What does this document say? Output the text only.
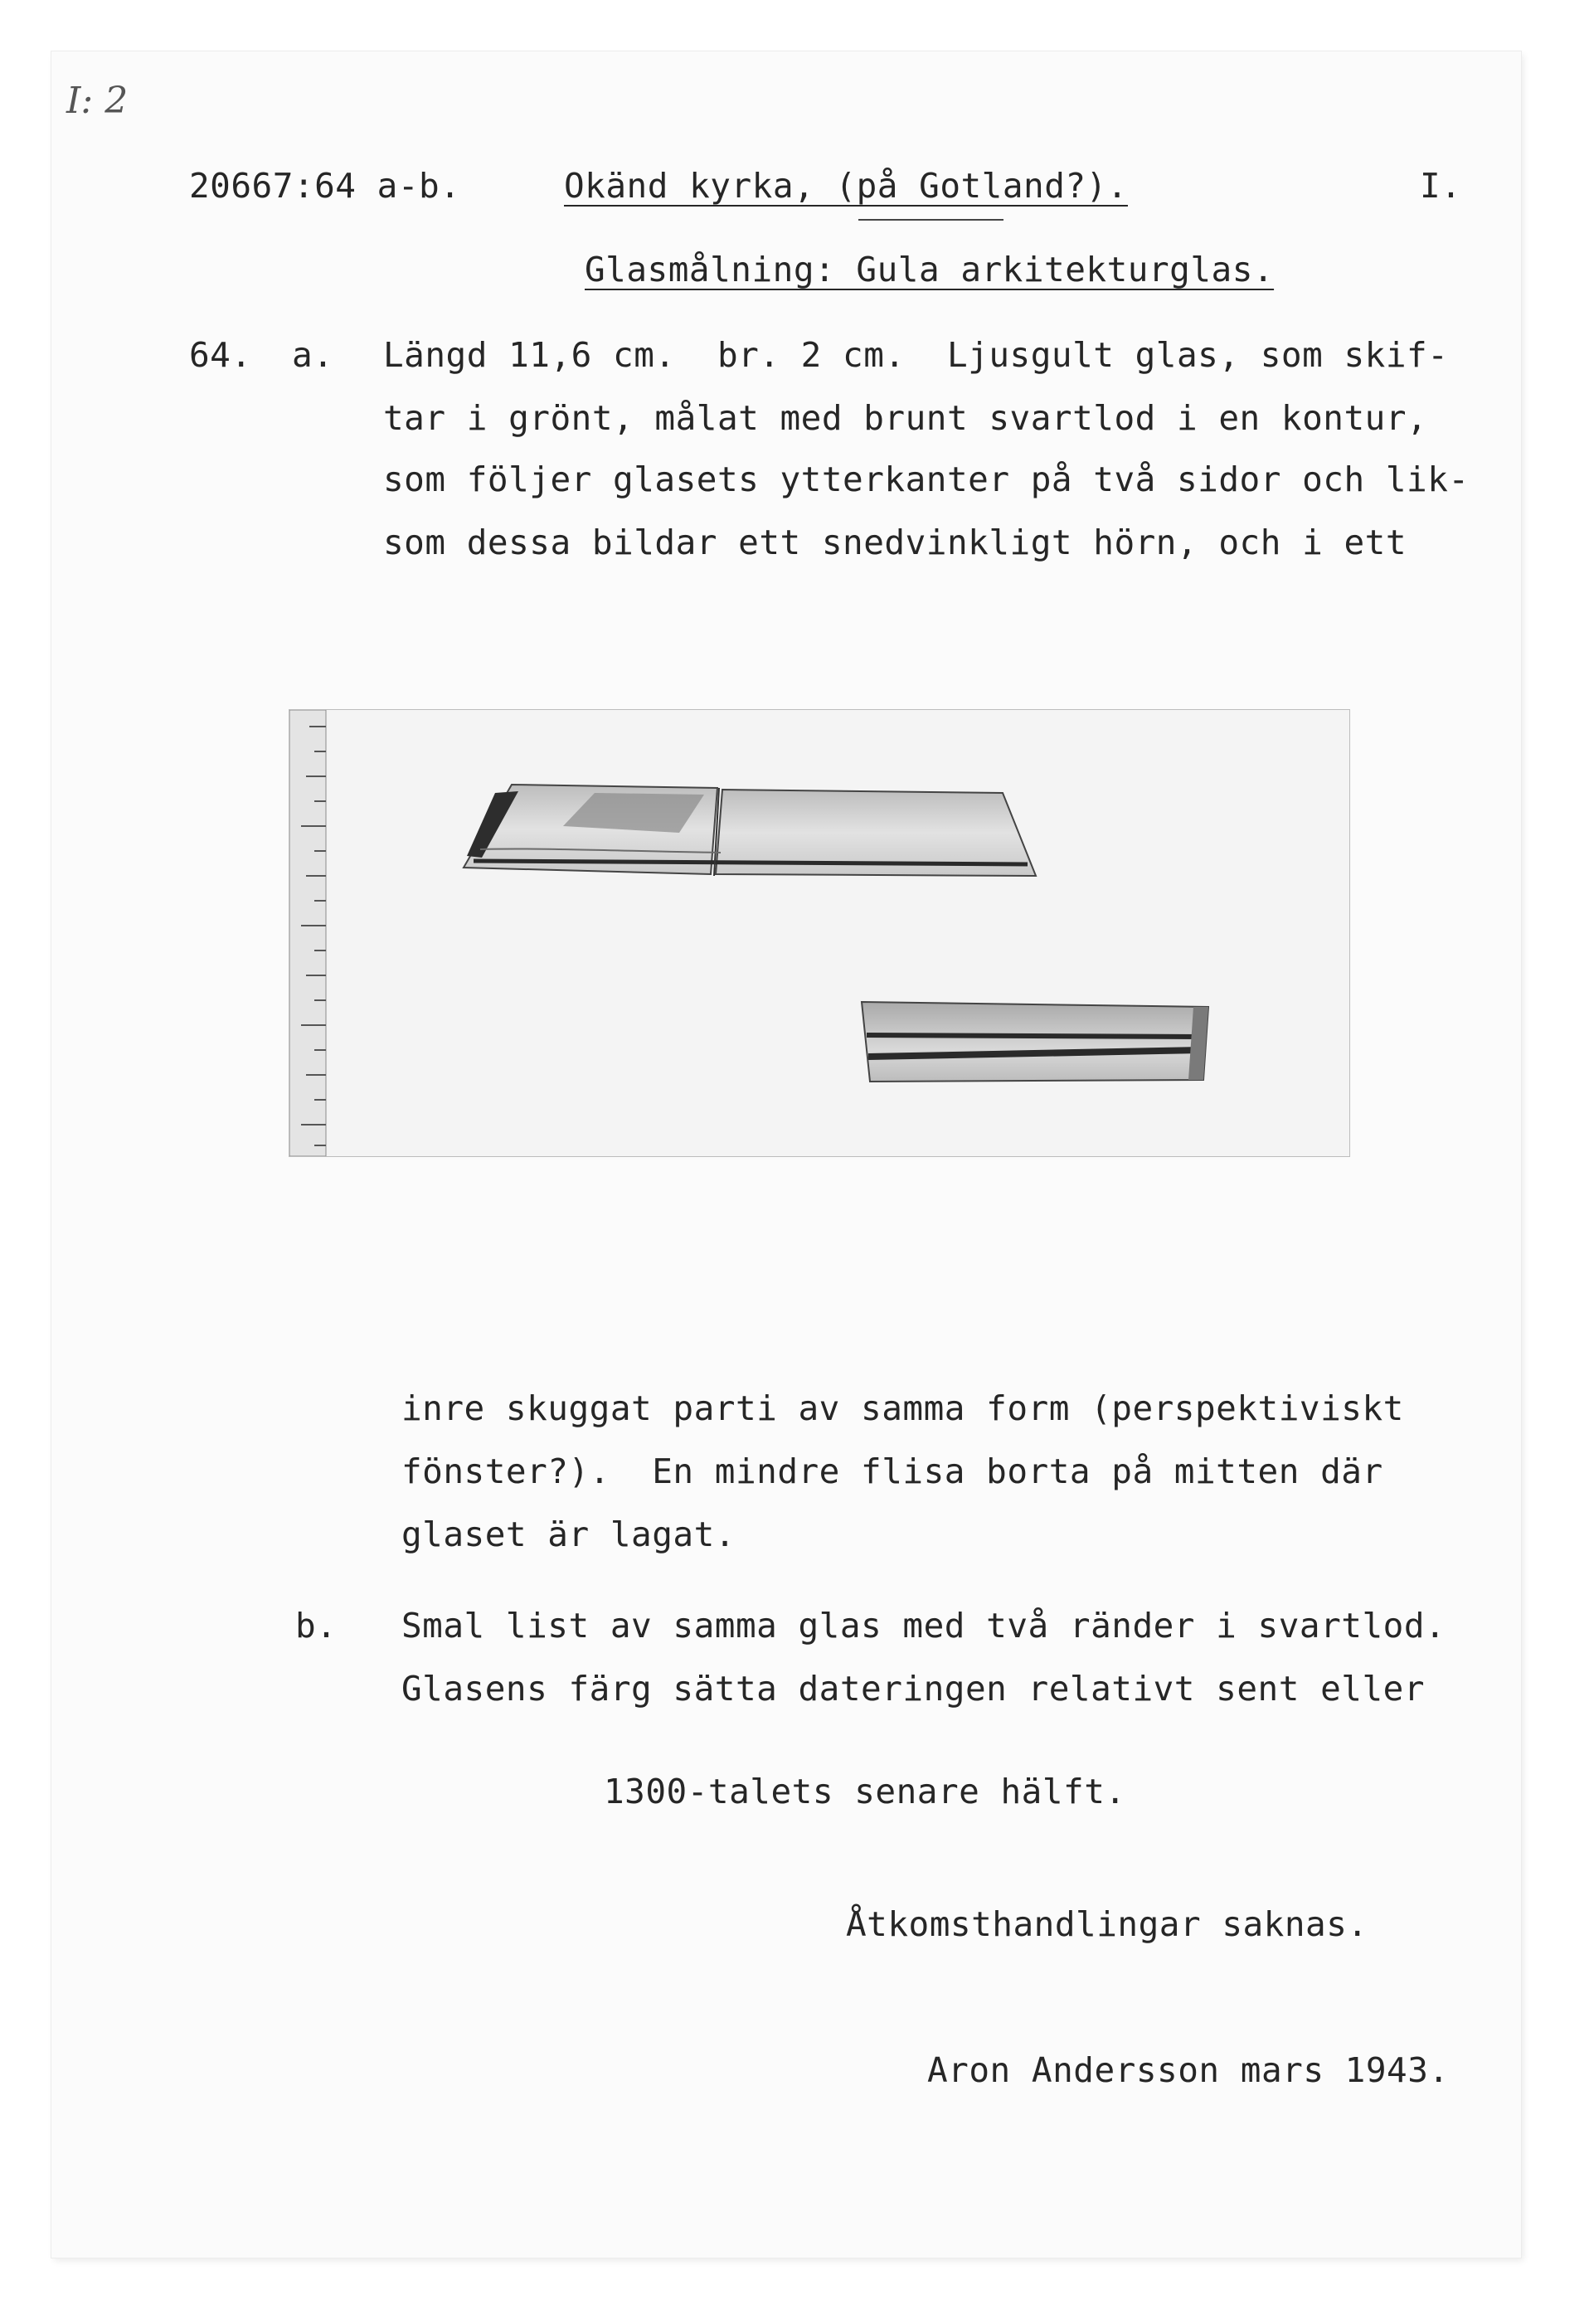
I: 2
20667:64 a-b.	Okänd kyrka, (på Gotland?).	I.
Glasmålning: Gula arkitekturglas.
64. a. Längd 11,6 cm.  br. 2 cm.  Ljusgult glas, som skif-
tar i grönt, målat med brunt svartlod i en kontur,
som följer glasets ytterkanter på två sidor och lik-
som dessa bildar ett snedvinkligt hörn, och i ett
inre skuggat parti av samma form (perspektiviskt
fönster?).  En mindre flisa borta på mitten där
glaset är lagat.
b. Smal list av samma glas med två ränder i svartlod.
Glasens färg sätta dateringen relativt sent eller
1300-talets senare hälft.
Åtkomsthandlingar saknas.
Aron Andersson mars 1943.
